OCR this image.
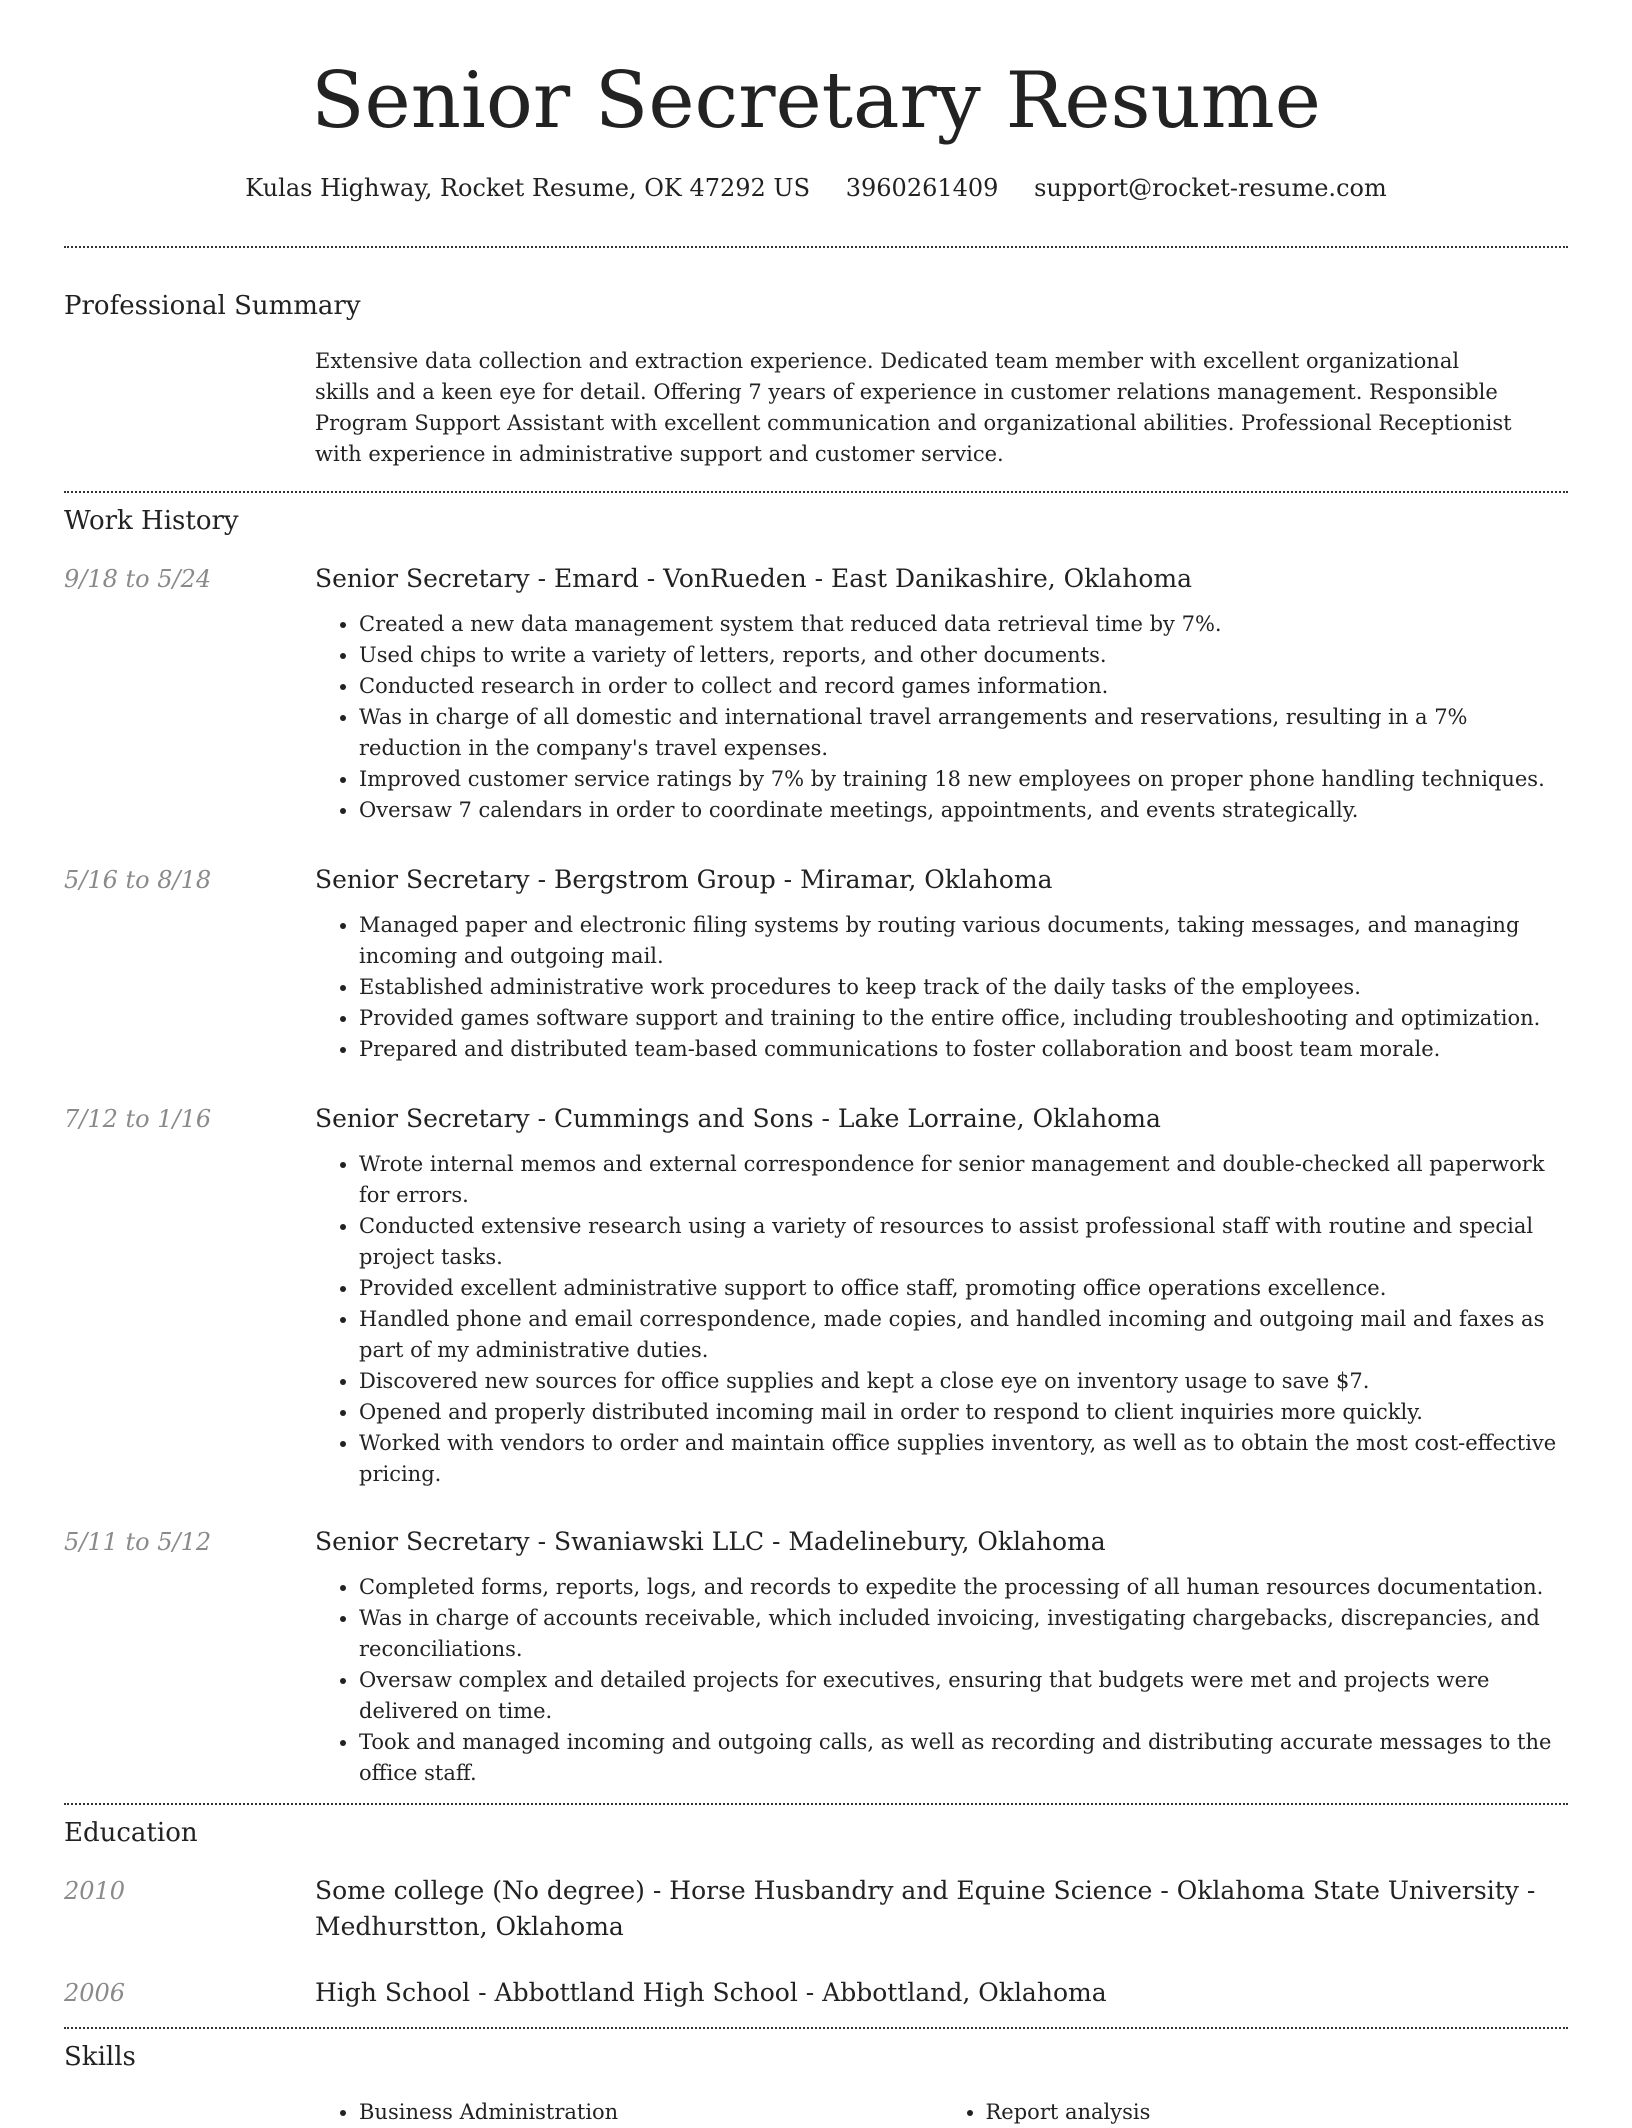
Senior Secretary Resume
Kulas Highway, Rocket Resume, OK 47292 US 3960261409 support@rocket-resume.com
Professional Summary

Extensive data collection and extraction experience. Dedicated team member with excellent organizational skills and a keen eye for detail. Offering 7 years of experience in customer relations management. Responsible Program Support Assistant with excellent communication and organizational abilities. Professional Receptionist with experience in administrative support and customer service.

Work History
9/18 to 5/24	Senior Secretary - Emard - VonRueden - East Danikashire, Oklahoma
• Created a new data management system that reduced data retrieval time by 7%.
• Used chips to write a variety of letters, reports, and other documents.
• Conducted research in order to collect and record games information.
• Was in charge of all domestic and international travel arrangements and reservations, resulting in a 7% reduction in the company's travel expenses.
• Improved customer service ratings by 7% by training 18 new employees on proper phone handling techniques.
• Oversaw 7 calendars in order to coordinate meetings, appointments, and events strategically.
5/16 to 8/18	Senior Secretary - Bergstrom Group - Miramar, Oklahoma
• Managed paper and electronic filing systems by routing various documents, taking messages, and managing incoming and outgoing mail.
• Established administrative work procedures to keep track of the daily tasks of the employees.
• Provided games software support and training to the entire office, including troubleshooting and optimization.
• Prepared and distributed team-based communications to foster collaboration and boost team morale.
7/12 to 1/16	Senior Secretary - Cummings and Sons - Lake Lorraine, Oklahoma
• Wrote internal memos and external correspondence for senior management and double-checked all paperwork for errors.
• Conducted extensive research using a variety of resources to assist professional staff with routine and special project tasks.
• Provided excellent administrative support to office staff, promoting office operations excellence.
• Handled phone and email correspondence, made copies, and handled incoming and outgoing mail and faxes as part of my administrative duties.
• Discovered new sources for office supplies and kept a close eye on inventory usage to save $7.
• Opened and properly distributed incoming mail in order to respond to client inquiries more quickly.
• Worked with vendors to order and maintain office supplies inventory, as well as to obtain the most cost-effective pricing.
5/11 to 5/12	Senior Secretary - Swaniawski LLC - Madelinebury, Oklahoma
• Completed forms, reports, logs, and records to expedite the processing of all human resources documentation.
• Was in charge of accounts receivable, which included invoicing, investigating chargebacks, discrepancies, and reconciliations.
• Oversaw complex and detailed projects for executives, ensuring that budgets were met and projects were delivered on time.
• Took and managed incoming and outgoing calls, as well as recording and distributing accurate messages to the office staff.
Education
2010	Some college (No degree) - Horse Husbandry and Equine Science - Oklahoma State University - Medhurstton, Oklahoma
2006	High School - Abbottland High School - Abbottland, Oklahoma
Skills
• Business Administration
•	Report analysis
